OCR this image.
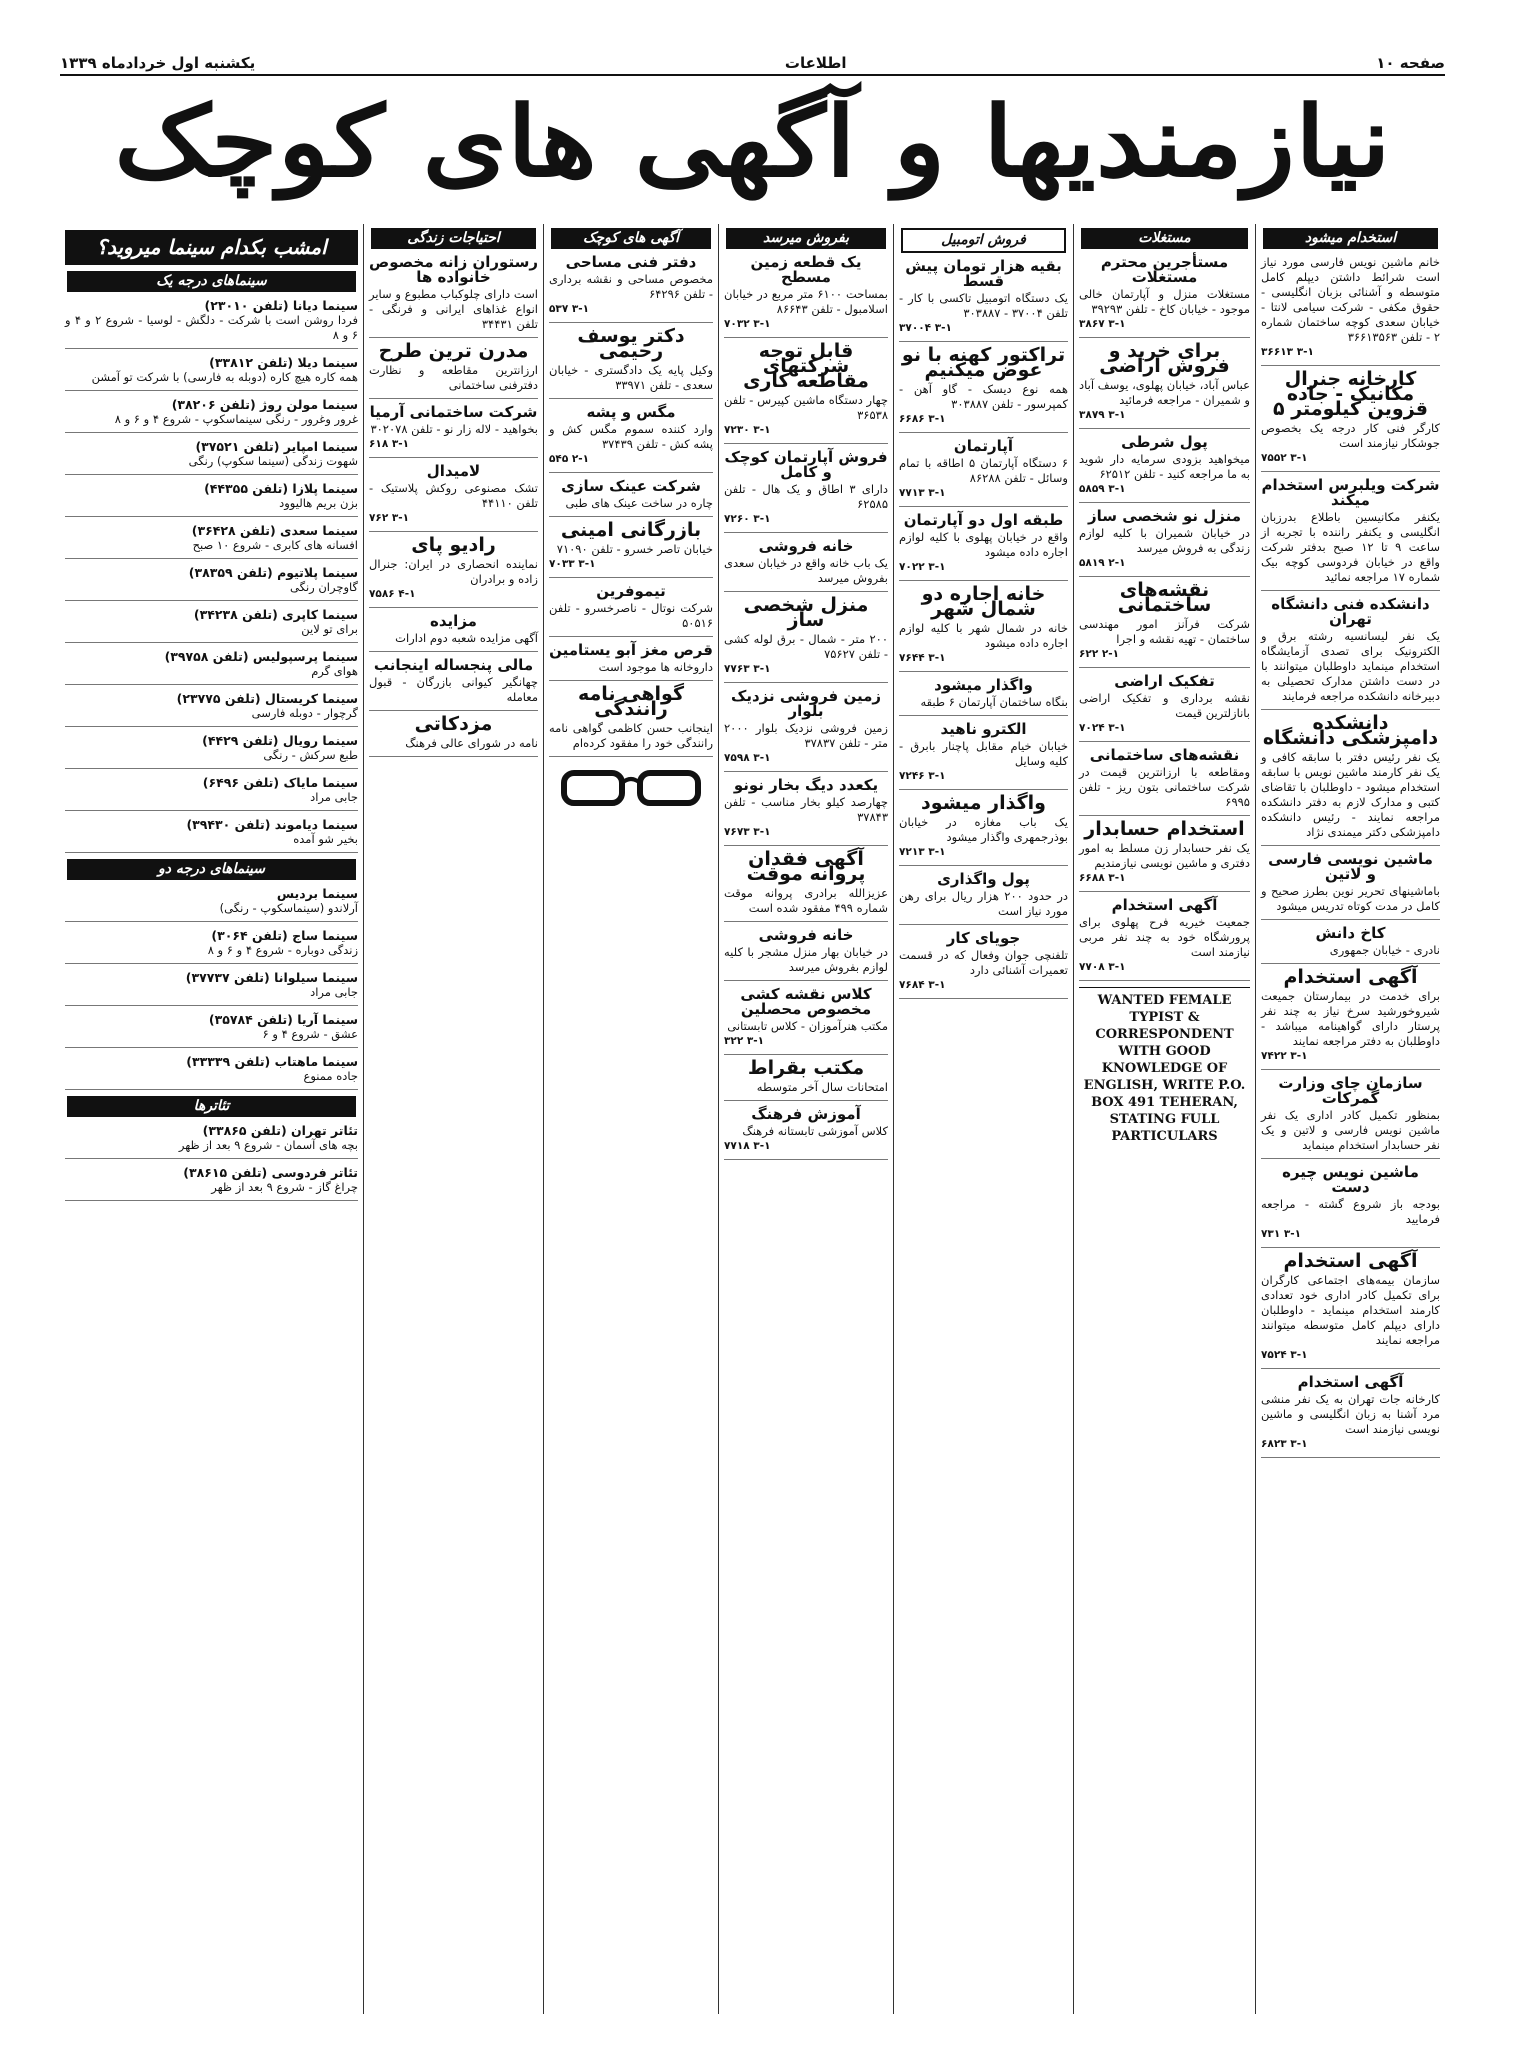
صفحه ۱۰
اطلاعات
یکشنبه اول خردادماه ۱۳۳۹
نیازمندیها و آگهی های کوچک
استخدام میشود

خانم ماشین نویس فارسی مورد نیاز است شرائط داشتن دیپلم کامل متوسطه و آشنائی بزبان انگلیسی - حقوق مکفی - شرکت سیامی لانتا - خیابان سعدی کوچه ساختمان شماره ۲ - تلفن ۳۶۶۱۳۵۶۳

۳-۱ ۳۶۶۱۳
کارخانه جنرال مکانیک - جاده قزوین کیلومتر ۵

کارگر فنی کار درجه یک بخصوص جوشکار نیازمند است

۳-۱ ۷۵۵۲
شرکت ویلبرس استخدام میکند

یکنفر مکانیسین باطلاع بدرزبان انگلیسی و یکنفر راننده با تجربه از ساعت ۹ تا ۱۲ صبح بدفتر شرکت واقع در خیابان فردوسی کوچه بیک شماره ۱۷ مراجعه نمائید

دانشکده فنی دانشگاه تهران

یک نفر لیسانسیه رشته برق و الکترونیک برای تصدی آزمایشگاه استخدام مینماید داوطلبان میتوانند با در دست داشتن مدارک تحصیلی به دبیرخانه دانشکده مراجعه فرمایند

دانشکده دامپزشکی دانشگاه

یک نفر رئیس دفتر با سابقه کافی و یک نفر کارمند ماشین نویس با سابقه استخدام میشود - داوطلبان با تقاضای کتبی و مدارک لازم به دفتر دانشکده مراجعه نمایند - رئیس دانشکده دامپزشکی دکتر میمندی نژاد

ماشین نویسی فارسی و لاتین

باماشینهای تحریر نوین بطرز صحیح و کامل در مدت کوتاه تدریس میشود

کاخ دانش

نادری - خیابان جمهوری

آگهی استخدام

برای خدمت در بیمارستان جمیعت شیروخورشید سرخ نیاز به چند نفر پرستار دارای گواهینامه میباشد - داوطلبان به دفتر مراجعه نمایند

۳-۱ ۷۴۲۲
سازمان چای وزارت گمرکات

بمنظور تکمیل کادر اداری یک نفر ماشین نویس فارسی و لاتین و یک نفر حسابدار استخدام مینماید

ماشین نویس چیره دست

بودجه باز شروع گشته - مراجعه فرمایید

۳-۱ ۷۳۱
آگهی استخدام

سازمان بیمه‌های اجتماعی کارگران برای تکمیل کادر اداری خود تعدادی کارمند استخدام مینماید - داوطلبان دارای دیپلم کامل متوسطه میتوانند مراجعه نمایند

۳-۱ ۷۵۲۴
آگهی استخدام

کارخانه جات تهران به یک نفر منشی مرد آشنا به زبان انگلیسی و ماشین نویسی نیازمند است

۳-۱ ۶۸۲۳
مستغلات
مستأجرین محترم مستغلات

مستغلات منزل و آپارتمان خالی موجود - خیابان کاخ - تلفن ۳۹۲۹۳

۳-۱ ۳۸۶۷
برای خرید و فروش اراضی

عباس آباد، خیابان پهلوی، یوسف آباد و شمیران - مراجعه فرمائید

۳-۱ ۳۸۷۹
پول شرطی

میخواهید بزودی سرمایه دار شوید به ما مراجعه کنید - تلفن ۶۲۵۱۲

۳-۱ ۵۸۵۹
منزل نو شخصی ساز

در خیابان شمیران با کلیه لوازم زندگی به فروش میرسد

۲-۱ ۵۸۱۹
نقشه‌های ساختمانی

شرکت فرآنز امور مهندسی ساختمان - تهیه نقشه و اجرا

۲-۱ ۶۲۲
تفکیک اراضی

نقشه برداری و تفکیک اراضی بانازلترین قیمت

۳-۱ ۷۰۲۴
نقشه‌های ساختمانی

ومقاطعه با ارزانترین قیمت در شرکت ساختمانی بتون ریز - تلفن ۶۹۹۵

استخدام حسابدار

یک نفر حسابدار زن مسلط به امور دفتری و ماشین نویسی نیازمندیم

۳-۱ ۶۶۸۸
آگهی استخدام

جمعیت خیریه فرح پهلوی برای پرورشگاه خود به چند نفر مربی نیازمند است

۳-۱ ۷۷۰۸
WANTED FEMALE TYPIST & CORRESPONDENT WITH GOOD KNOWLEDGE OF ENGLISH, WRITE P.O. BOX 491 TEHERAN, STATING FULL PARTICULARS
فروش اتومبیل
بقیه هزار تومان پیش قسط

یک دستگاه اتومبیل تاکسی با کار - تلفن ۳۷۰۰۴ - ۳۰۳۸۸۷

۳-۱ ۳۷۰۰۴
تراکتور کهنه با نو عوض میکنیم

همه نوع دیسک - گاو آهن - کمپرسور - تلفن ۳۰۳۸۸۷

۳-۱ ۶۶۸۶
آپارتمان

۶ دستگاه آپارتمان ۵ اطاقه با تمام وسائل - تلفن ۸۶۲۸۸

۳-۱ ۷۷۱۳
طبقه اول دو آپارتمان

واقع در خیابان پهلوی با کلیه لوازم اجاره داده میشود

۳-۱ ۷۰۲۲
خانه اجاره دو شمال شهر

خانه در شمال شهر با کلیه لوازم اجاره داده میشود

۳-۱ ۷۶۴۴
واگذار میشود

بنگاه ساختمان آپارتمان ۶ طبقه

الکترو ناهید

خیابان خیام مقابل پاچنار بابرق - کلیه وسایل

۳-۱ ۷۲۴۶
واگذار میشود

یک باب مغازه در خیابان بوذرجمهری واگذار میشود

۳-۱ ۷۲۱۳
پول واگذاری

در حدود ۲۰۰ هزار ریال برای رهن مورد نیاز است

جویای کار

تلفنچی جوان وفعال که در قسمت تعمیرات آشنائی دارد

۳-۱ ۷۶۸۴
بفروش میرسد
یک قطعه زمین مسطح

بمساحت ۶۱۰۰ متر مربع در خیابان اسلامبول - تلفن ۸۶۶۴۳

۳-۱ ۷۰۳۲
قابل توجه شرکتهای مقاطعه کاری

چهار دستگاه ماشین کپیرس - تلفن ۳۶۵۳۸

۳-۱ ۷۲۳۰
فروش آپارتمان کوچک و کامل

دارای ۳ اطاق و یک هال - تلفن ۶۲۵۸۵

۳-۱ ۷۲۶۰
خانه فروشی

یک باب خانه واقع در خیابان سعدی بفروش میرسد

منزل شخصی ساز

۲۰۰ متر - شمال - برق لوله کشی - تلفن ۷۵۶۲۷

۳-۱ ۷۷۶۳
زمین فروشی نزدیک بلوار

زمین فروشی نزدیک بلوار ۲۰۰۰ متر - تلفن ۳۷۸۳۷

۳-۱ ۷۵۹۸
یکعدد دیگ بخار نونو

چهارصد کیلو بخار مناسب - تلفن ۳۷۸۴۳

۳-۱ ۷۶۷۳
آگهی فقدان پروانه موقت

عزیزالله برادری پروانه موقت شماره ۴۹۹ مفقود شده است

خانه فروشی

در خیابان بهار منزل مشجر با کلیه لوازم بفروش میرسد

کلاس نقشه کشی مخصوص محصلین

مکتب هنرآموزان - کلاس تابستانی

۳-۱ ۳۲۲
مکتب بقراط

امتحانات سال آخر متوسطه

آموزش فرهنگ

کلاس آموزشی تابستانه فرهنگ

۳-۱ ۷۷۱۸
آگهی های کوچک
دفتر فنی مساحی

مخصوص مساحی و نقشه برداری - تلفن ۶۴۲۹۶

۳-۱ ۵۳۷
دکتر یوسف رحیمی

وکیل پایه یک دادگستری - خیابان سعدی - تلفن ۳۳۹۷۱

مگس و پشه

وارد کننده سموم مگس کش و پشه کش - تلفن ۳۷۴۳۹

۲-۱ ۵۴۵
شرکت عینک سازی

چاره در ساخت عینک های طبی

بازرگانی امینی

خیابان تاصر خسرو - تلفن ۷۱۰۹۰

۳-۱ ۷۰۳۳
تیموفرین

شرکت نوتال - ناصرخسرو - تلفن ۵۰۵۱۶

قرص مغز آبو یستامین

داروخانه ها موجود است

گواهی نامه رانندگی

اینجانب حسن کاظمی گواهی نامه رانندگی خود را مفقود کرده‌ام

احتیاجات زندگی
رستوران زانه مخصوص خانواده ها

است دارای چلوکباب مطبوع و سایر انواع غذاهای ایرانی و فرنگی - تلفن ۳۴۴۳۱

مدرن ترین طرح

ارزانترین مقاطعه و نظارت دفترفنی ساختمانی

شرکت ساختمانی آرمیا

بخواهید - لاله زار نو - تلفن ۳۰۲۰۷۸

۳-۱ ۶۱۸
لامیدال

تشک مصنوعی روکش پلاستیک - تلفن ۴۴۱۱۰

۳-۱ ۷۶۲
رادیو پای

نماینده انحصاری در ایران: جنرال زاده و برادران

۴-۱ ۷۵۸۶
مزایده

آگهی مزایده شعبه دوم ادارات

مالی پنجساله اینجانب

چهانگیر کیوانی بازرگان - قبول معامله

مزدکاتی

نامه در شورای عالی فرهنگ

امشب بکدام سینما میروید؟
سینماهای درجه یک
سینما دیانا (تلفن ۲۳۰۱۰)

فردا روشن است با شرکت - دلگش - لوسیا - شروع ۲ و ۴ و ۶ و ۸

سینما دیلا (تلفن ۳۳۸۱۲)

همه کاره هیچ کاره (دوبله به فارسی) با شرکت تو آمشن

سینما مولن روژ (تلفن ۳۸۲۰۶)

غرور وغرور - رنگی سینماسکوپ - شروع ۴ و ۶ و ۸

سینما امپایر (تلفن ۳۷۵۲۱)

شهوت زندگی (سینما سکوپ) رنگی

سینما پلازا (تلفن ۴۴۳۵۵)

بزن بریم هالیوود

سینما سعدی (تلفن ۳۶۴۲۸)

افسانه های کابری - شروع ۱۰ صبح

سینما پلاتیوم (تلفن ۳۸۳۵۹)

گاوچران رنگی

سینما کاپری (تلفن ۳۴۲۳۸)

برای تو لاین

سینما پرسپولیس (تلفن ۳۹۷۵۸)

هوای گرم

سینما کریستال (تلفن ۲۳۷۷۵)

گرچوار - دوبله فارسی

سینما رویال (تلفن ۴۴۲۹)

طبع سرکش - رنگی

سینما مایاک (تلفن ۶۴۹۶)

جابی مراد

سینما دیاموند (تلفن ۳۹۴۳۰)

بخیر شو آمده

سینماهای درجه دو
سینما بردیس

آرلاندو (سینماسکوپ - رنگی)

سینما ساج (تلفن ۳۰۶۴)

زندگی دوباره - شروع ۴ و ۶ و ۸

سینما سیلوانا (تلفن ۳۷۷۳۷)

جابی مراد

سینما آریا (تلفن ۳۵۷۸۴)

عشق - شروع ۴ و ۶

سینما ماهتاب (تلفن ۳۳۳۳۹)

جاده ممنوع

تئاترها
تئاتر تهران (تلفن ۳۳۸۶۵)

بچه های آسمان - شروع ۹ بعد از ظهر

تئاتر فردوسی (تلفن ۳۸۶۱۵)

چراغ گاز - شروع ۹ بعد از ظهر
